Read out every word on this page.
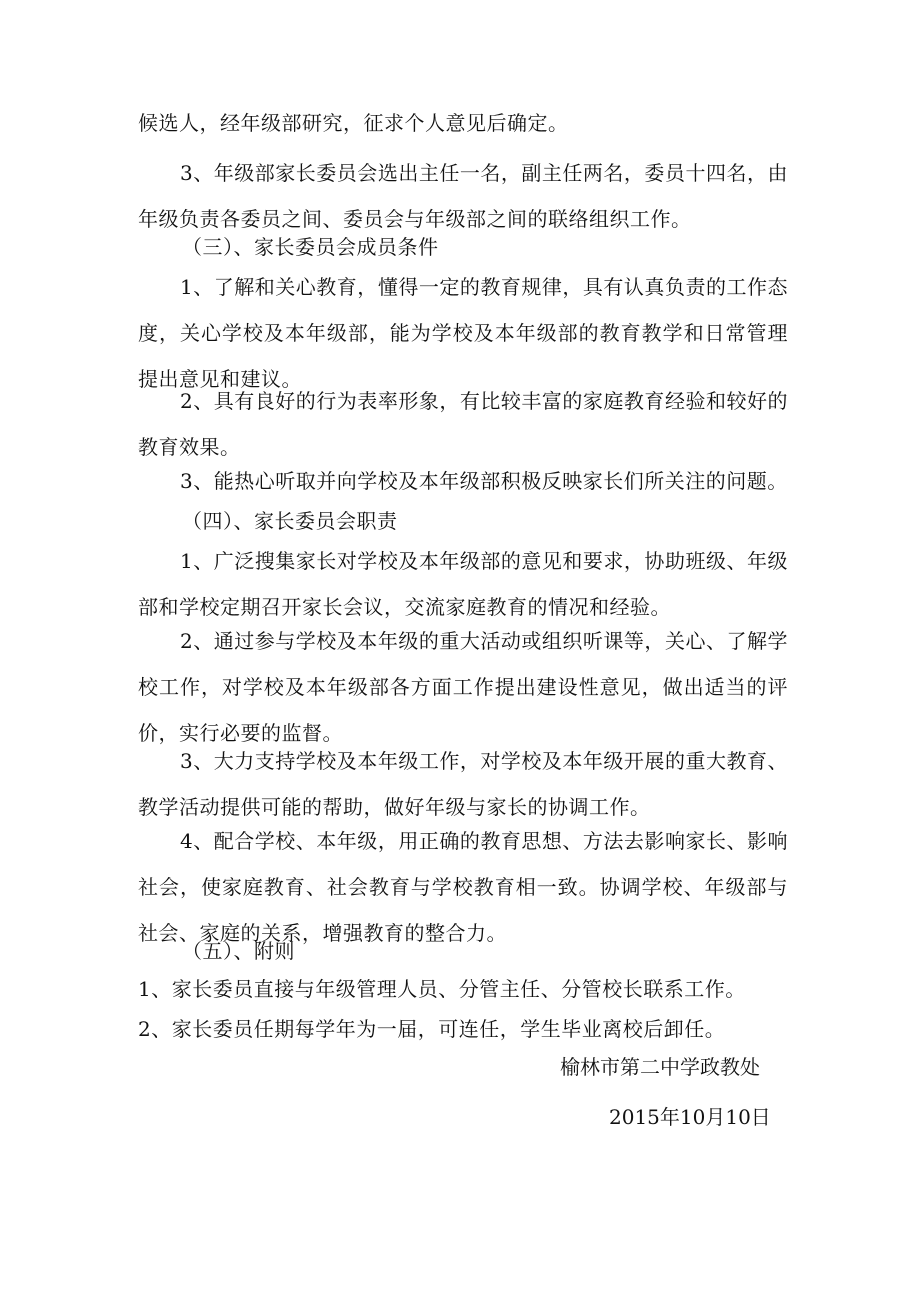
候选人，经年级部研究，征求个人意见后确定。

3、年级部家长委员会选出主任一名，副主任两名，委员十四名，由年级负责各委员之间、委员会与年级部之间的联络组织工作。

（三）、家长委员会成员条件

1、了解和关心教育，懂得一定的教育规律，具有认真负责的工作态度，关心学校及本年级部，能为学校及本年级部的教育教学和日常管理提出意见和建议。

2、具有良好的行为表率形象，有比较丰富的家庭教育经验和较好的教育效果。

3、能热心听取并向学校及本年级部积极反映家长们所关注的问题。

（四）、家长委员会职责

1、广泛搜集家长对学校及本年级部的意见和要求，协助班级、年级部和学校定期召开家长会议，交流家庭教育的情况和经验。

2、通过参与学校及本年级的重大活动或组织听课等，关心、了解学校工作，对学校及本年级部各方面工作提出建设性意见，做出适当的评价，实行必要的监督。

3、大力支持学校及本年级工作，对学校及本年级开展的重大教育、教学活动提供可能的帮助，做好年级与家长的协调工作。

4、配合学校、本年级，用正确的教育思想、方法去影响家长、影响社会，使家庭教育、社会教育与学校教育相一致。协调学校、年级部与社会、家庭的关系，增强教育的整合力。

（五）、附则

1、家长委员直接与年级管理人员、分管主任、分管校长联系工作。

2、家长委员任期每学年为一届，可连任，学生毕业离校后卸任。

榆林市第二中学政教处

2015年10月10日
